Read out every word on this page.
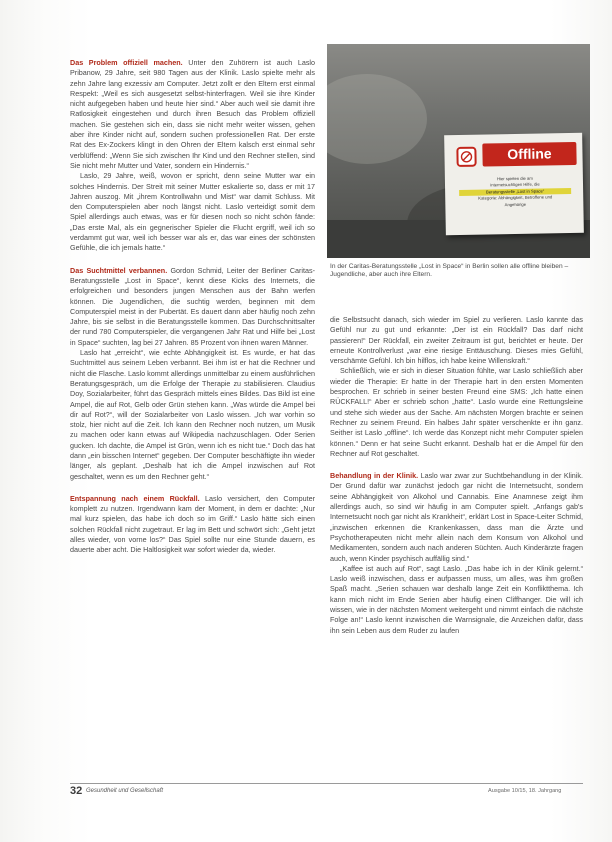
Das Problem offiziell machen. Unter den Zuhörern ist auch Laslo Pribanow, 29 Jahre, seit 980 Tagen aus der Klinik. Laslo spielte mehr als zehn Jahre lang exzessiv am Computer. Jetzt zollt er den Eltern erst einmal Respekt: „Weil es sich ausgesetzt selbst-hinterfragen. Weil sie ihre Kinder nicht aufgegeben haben und heute hier sind.“ Aber auch weil sie damit ihre Ratlosigkeit eingestehen und durch ihren Besuch das Problem offiziell machen. Sie gestehen sich ein, dass sie nicht mehr weiter wissen, gehen aber ihre Kinder nicht auf, sondern suchen professionellen Rat. Der erste Rat des Ex-Zockers klingt in den Ohren der Eltern kalsch erst einmal sehr verblüffend: „Wenn Sie sich zwischen Ihr Kind und den Rechner stellen, sind Sie nicht mehr Mutter und Vater, sondern ein Hindernis.“

Laslo, 29 Jahre, weiß, wovon er spricht, denn seine Mutter war ein solches Hindernis. Der Streit mit seiner Mutter eskalierte so, dass er mit 17 Jahren auszog. Mit „ihrem Kontrollwahn und Mist“ war damit Schluss. Mit den Computerspielen aber noch längst nicht. Laslo verteidigt somit dem Spiel allerdings auch etwas, was er für diesen noch so nicht schön fände: „Das erste Mal, als ein gegnerischer Spieler die Flucht ergriff, weil ich so verdammt gut war, weil ich besser war als er, das war eines der schönsten Gefühle, die ich jemals hatte.“

Das Suchtmittel verbannen. Gordon Schmid, Leiter der Berliner Caritas-Beratungsstelle „Lost in Space“, kennt diese Kicks des Internets, die erfolgreichen und besonders jungen Menschen aus der Bahn werfen können. Die Jugendlichen, die suchtig werden, beginnen mit dem Computerspiel meist in der Pubertät. Es dauert dann aber häufig noch zehn Jahre, bis sie selbst in die Beratungsstelle kommen. Das Durchschnittsalter der rund 780 Computerspieler, die vergangenen Jahr Rat und Hilfe bei „Lost in Space“ suchten, lag bei 27 Jahren. 85 Prozent von ihnen waren Männer.

Laslo hat „erreicht“, wie echte Abhängigkeit ist. Es wurde, er hat das Suchtmittel aus seinem Leben verbannt. Bei ihm ist er hat die Rechner und nicht die Flasche. Laslo kommt allerdings unmittelbar zu einem ausführlichen Beratungsgespräch, um die Erfolge der Therapie zu stabilisieren. Claudius Doy, Sozialarbeiter, führt das Gespräch mittels eines Bildes. Das Bild ist eine Ampel, die auf Rot, Gelb oder Grün stehen kann. „Was würde die Ampel bei dir auf Rot?“, will der Sozialarbeiter von Laslo wissen. „Ich war vorhin so stolz, hier nicht auf die Zeit. Ich kann den Rechner noch nutzen, um Musik zu machen oder kann etwas auf Wikipedia nachzuschlagen. Oder Serien gucken. Ich dachte, die Ampel ist Grün, wenn ich es nicht tue.“ Doch das hat dann „ein bisschen Internet“ gegeben. Der Computer beschäftigte ihn wieder länger, als geplant. „Deshalb hat ich die Ampel inzwischen auf Rot geschaltet, wenn es um den Rechner geht.“

Entspannung nach einem Rückfall. Laslo versichert, den Computer komplett zu nutzen. Irgendwann kam der Moment, in dem er dachte: „Nur mal kurz spielen, das habe ich doch so im Griff.“ Laslo hätte sich einen solchen Rückfall nicht zugetraut. Er lag im Bett und schwört sich: „Geht jetzt alles wieder, von vorne los?“ Das Spiel sollte nur eine Stunde dauern, es dauerte aber acht. Die Haltlosigkeit war sofort wieder da, wieder.

Offline
Hier spielen die am
internetsuchtigen Hilfe, die
Beratungsstelle „Lost in Space“
Kategorie: Abhängigkeit, Betroffene und
Angehörige
In der Caritas-Beratungsstelle „Lost in Space“ in Berlin sollen alle offline bleiben – Jugendliche, aber auch ihre Eltern.

die Selbstsucht danach, sich wieder im Spiel zu verlieren. Laslo kannte das Gefühl nur zu gut und erkannte: „Der ist ein Rückfall? Das darf nicht passieren!“ Der Rückfall, ein zweiter Zeitraum ist gut, berichtet er heute. Der erneute Kontrollverlust „war eine riesige Enttäuschung. Dieses mies Gefühl, verschämte Gefühl. Ich bin hilflos, ich habe keine Willenskraft.“

Schließlich, wie er sich in dieser Situation fühlte, war Laslo schließlich aber wieder die Therapie: Er hatte in der Therapie hart in den ersten Momenten besprochen. Er schrieb in seiner besten Freund eine SMS: „Ich hatte einen RÜCKFALL!“ Aber er schrieb schon „hatte“. Laslo wurde eine Rettungsleine und stehe sich wieder aus der Sache. Am nächsten Morgen brachte er seinen Rechner zu seinem Freund. Ein halbes Jahr später verschenkte er ihn ganz. Seither ist Laslo „offline“. Ich werde das Konzept nicht mehr Computer spielen können.“ Denn er hat seine Sucht erkannt. Deshalb hat er die Ampel für den Rechner auf Rot geschaltet.

Behandlung in der Klinik. Laslo war zwar zur Suchtbehandlung in der Klinik. Der Grund dafür war zunächst jedoch gar nicht die Internetsucht, sondern seine Abhängigkeit von Alkohol und Cannabis. Eine Anamnese zeigt ihm allerdings auch, so sind wir häufig in am Computer spielt. „Anfangs gab's Internetsucht noch gar nicht als Krankheit“, erklärt Lost in Space-Leiter Schmid, „inzwischen erkennen die Krankenkassen, dass man die Ärzte und Psychotherapeuten nicht mehr allein nach dem Konsum von Alkohol und Medikamenten, sondern auch nach anderen Süchten. Auch Kinderärzte fragen auch, wenn Kinder psychisch auffällig sind.“

„Kaffee ist auch auf Rot“, sagt Laslo. „Das habe ich in der Klinik gelernt.“ Laslo weiß inzwischen, dass er aufpassen muss, um alles, was ihm großen Spaß macht. „Serien schauen war deshalb lange Zeit ein Konfliktthema. Ich kann mich nicht im Ende Serien aber häufig einen Cliffhanger. Die will ich wissen, wie in der nächsten Moment weitergeht und nimmt einfach die nächste Folge an!“ Laslo kennt inzwischen die Warnsignale, die Anzeichen dafür, dass ihn sein Leben aus dem Ruder zu laufen

32 Gesundheit und Gesellschaft	Ausgabe 10/15, 18. Jahrgang
